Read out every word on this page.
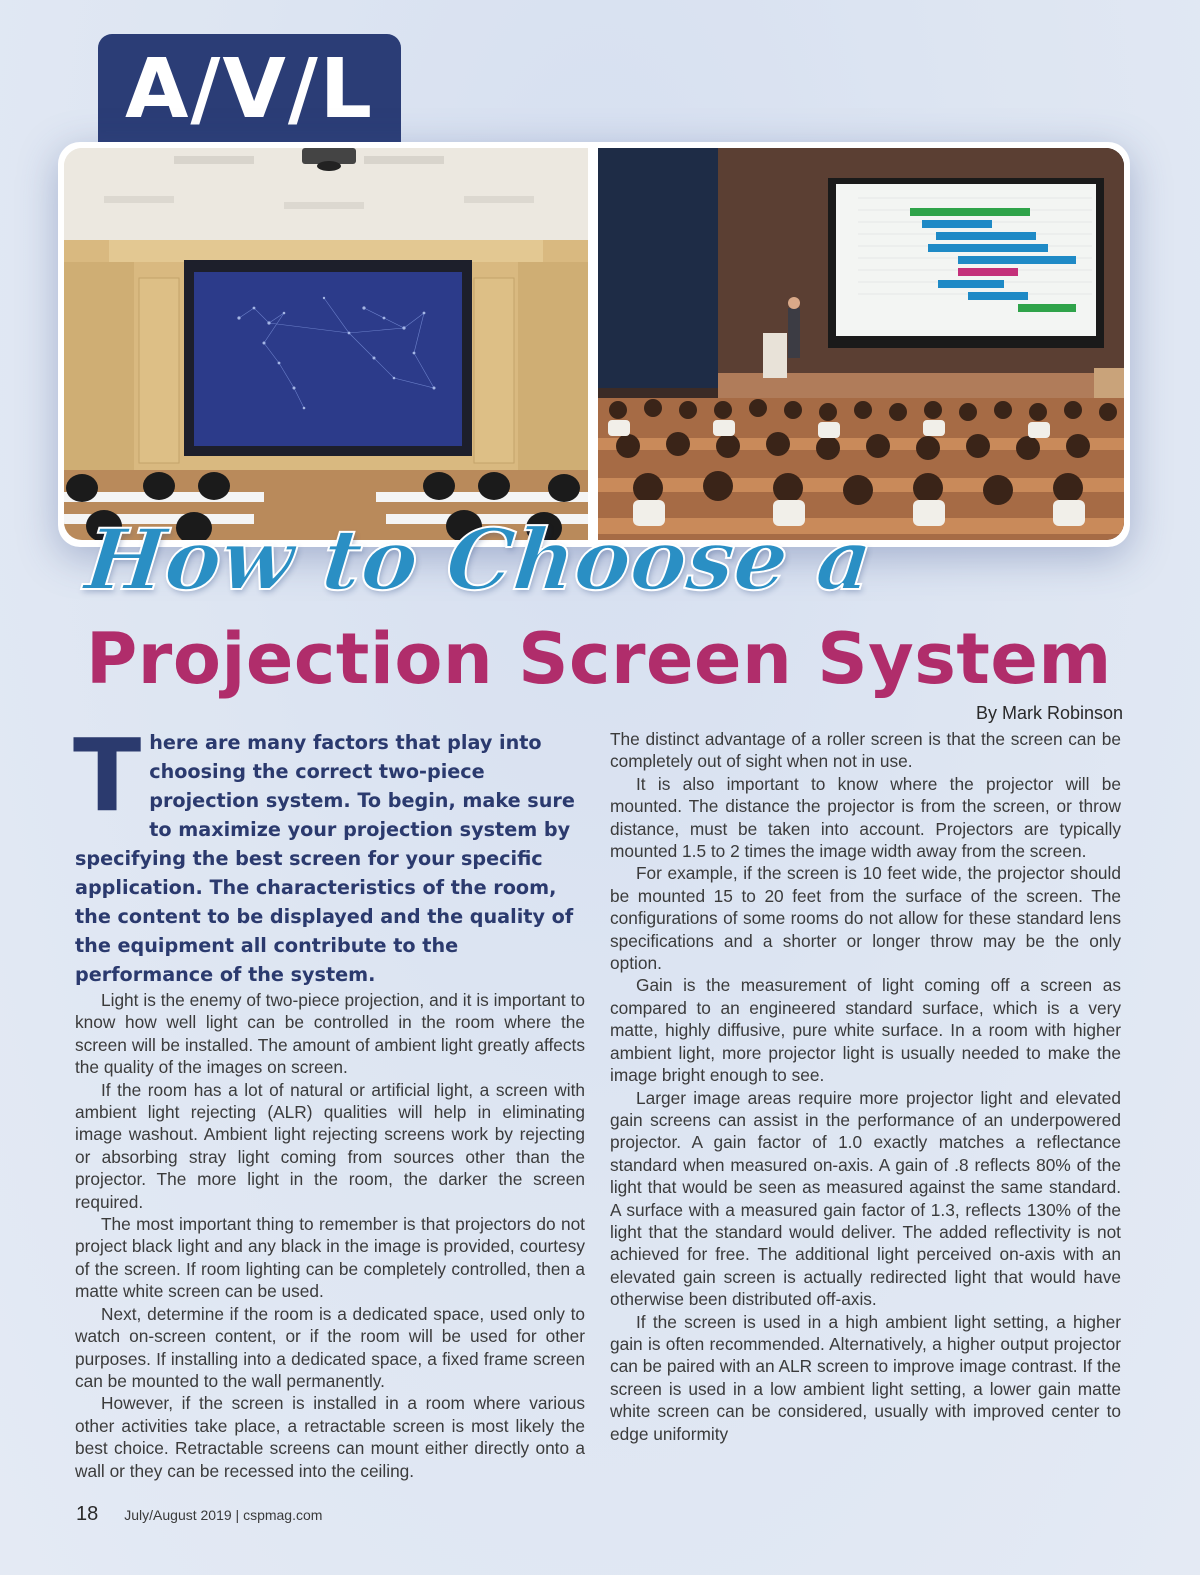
A/V/L
How to Choose a
Projection Screen System

By Mark Robinson

There are many factors that play into choosing the correct two-piece projection system. To begin, make sure to maximize your projection system by specifying the best screen for your specific application. The characteristics of the room, the content to be displayed and the quality of the equipment all contribute to the performance of the system.

Light is the enemy of two-piece projection, and it is important to know how well light can be controlled in the room where the screen will be installed. The amount of ambient light greatly affects the quality of the images on screen.

If the room has a lot of natural or artificial light, a screen with ambient light rejecting (ALR) qualities will help in eliminating image washout. Ambient light rejecting screens work by rejecting or absorbing stray light coming from sources other than the projector. The more light in the room, the darker the screen required.

The most important thing to remember is that projectors do not project black light and any black in the image is provided, courtesy of the screen. If room lighting can be completely controlled, then a matte white screen can be used.

Next, determine if the room is a dedicated space, used only to watch on-screen content, or if the room will be used for other purposes. If installing into a dedicated space, a fixed frame screen can be mounted to the wall permanently.

However, if the screen is installed in a room where various other activities take place, a retractable screen is most likely the best choice. Retractable screens can mount either directly onto a wall or they can be recessed into the ceiling.

The distinct advantage of a roller screen is that the screen can be completely out of sight when not in use.

It is also important to know where the projector will be mounted. The distance the projector is from the screen, or throw distance, must be taken into account. Projectors are typically mounted 1.5 to 2 times the image width away from the screen.

For example, if the screen is 10 feet wide, the projector should be mounted 15 to 20 feet from the surface of the screen. The configurations of some rooms do not allow for these standard lens specifications and a shorter or longer throw may be the only option.

Gain is the measurement of light coming off a screen as compared to an engineered standard surface, which is a very matte, highly diffusive, pure white surface. In a room with higher ambient light, more projector light is usually needed to make the image bright enough to see.

Larger image areas require more projector light and elevated gain screens can assist in the performance of an underpowered projector. A gain factor of 1.0 exactly matches a reflectance standard when measured on-axis. A gain of .8 reflects 80% of the light that would be seen as measured against the same standard. A surface with a measured gain factor of 1.3, reflects 130% of the light that the standard would deliver. The added reflectivity is not achieved for free. The additional light perceived on-axis with an elevated gain screen is actually redirected light that would have otherwise been distributed off-axis.

If the screen is used in a high ambient light setting, a higher gain is often recommended. Alternatively, a higher output projector can be paired with an ALR screen to improve image contrast. If the screen is used in a low ambient light setting, a lower gain matte white screen can be considered, usually with improved center to edge uniformity

18 July/August 2019 | cspmag.com
